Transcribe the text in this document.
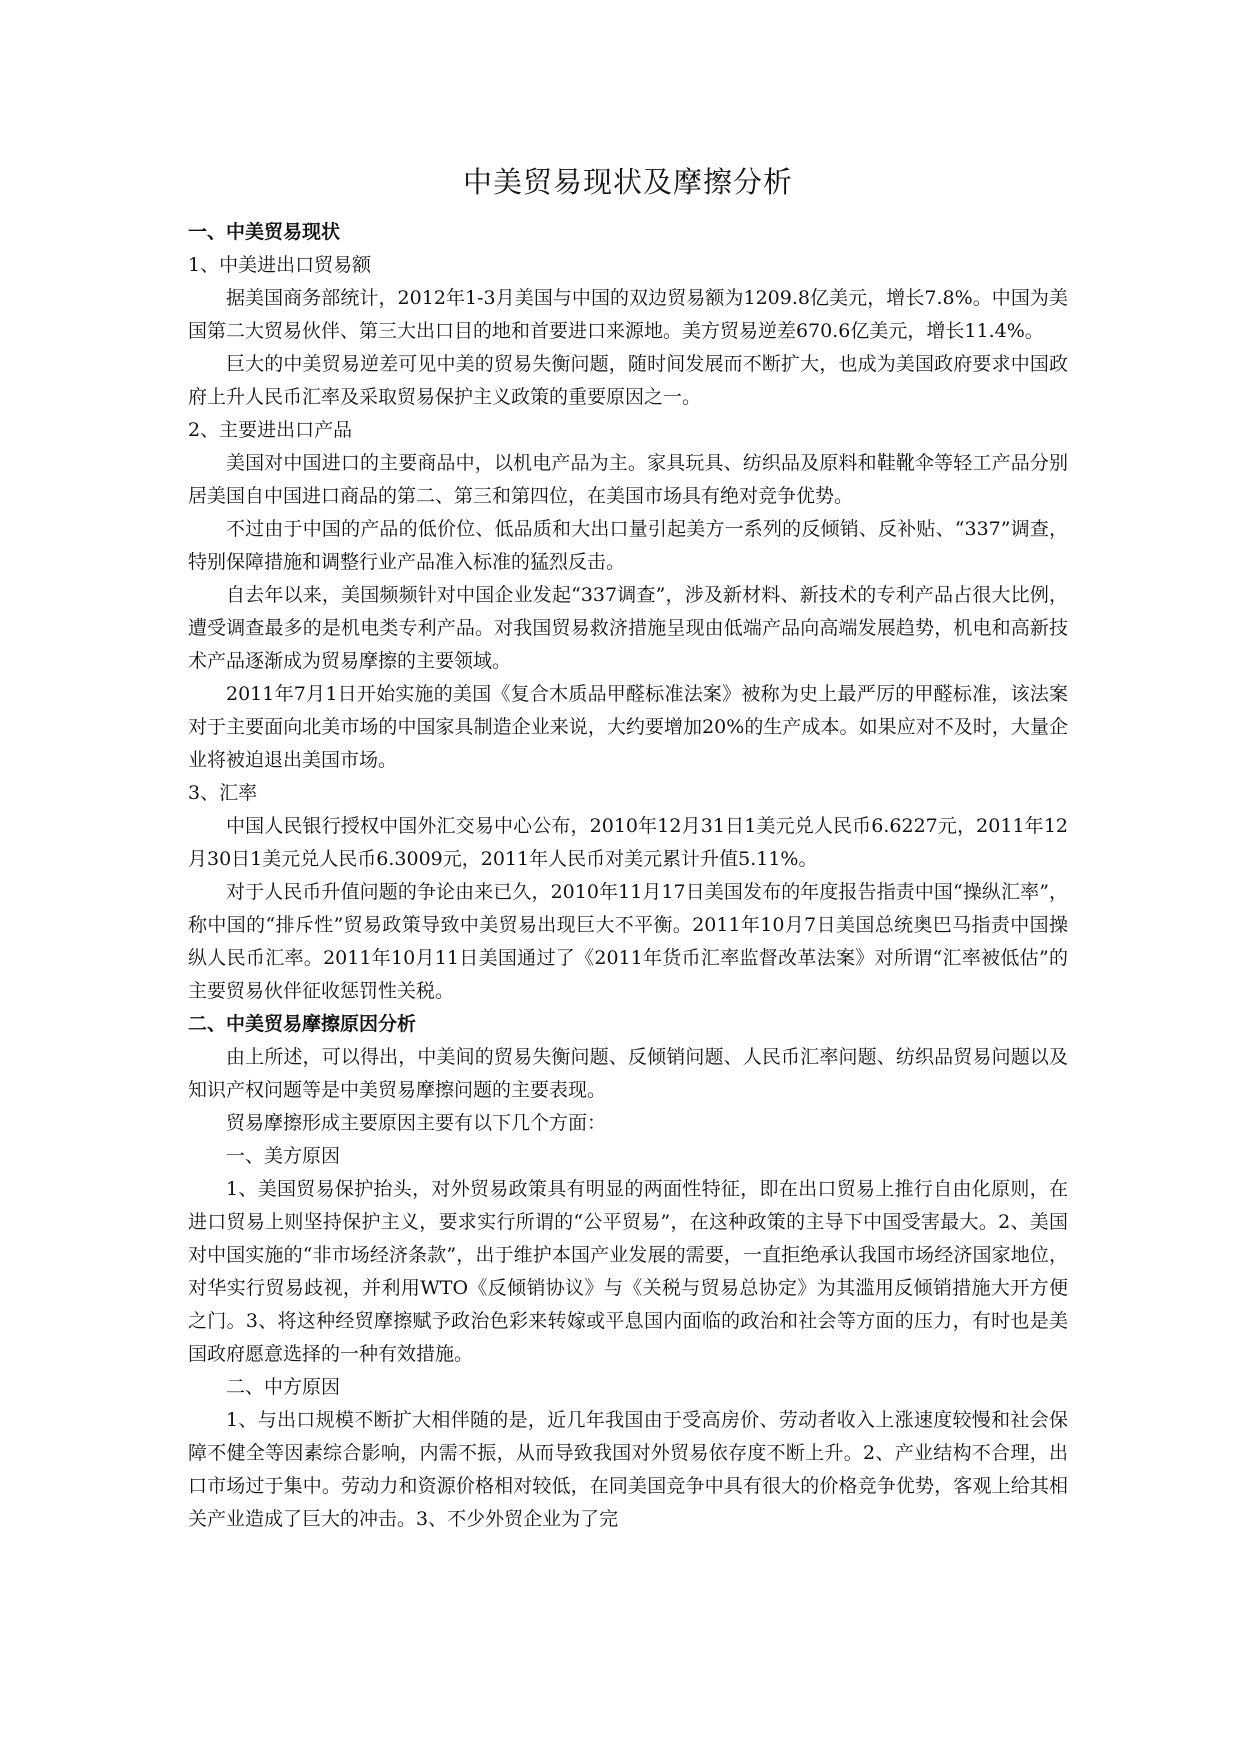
中美贸易现状及摩擦分析
一、中美贸易现状
1、中美进出口贸易额
据美国商务部统计，2012年1-3月美国与中国的双边贸易额为1209.8亿美元，增长7.8%。中国为美国第二大贸易伙伴、第三大出口目的地和首要进口来源地。美方贸易逆差670.6亿美元，增长11.4%。
巨大的中美贸易逆差可见中美的贸易失衡问题，随时间发展而不断扩大，也成为美国政府要求中国政府上升人民币汇率及采取贸易保护主义政策的重要原因之一。
2、主要进出口产品
美国对中国进口的主要商品中，以机电产品为主。家具玩具、纺织品及原料和鞋靴伞等轻工产品分别居美国自中国进口商品的第二、第三和第四位，在美国市场具有绝对竞争优势。
不过由于中国的产品的低价位、低品质和大出口量引起美方一系列的反倾销、反补贴、“337”调查，特别保障措施和调整行业产品准入标准的猛烈反击。
自去年以来，美国频频针对中国企业发起“337调查”，涉及新材料、新技术的专利产品占很大比例，遭受调查最多的是机电类专利产品。对我国贸易救济措施呈现由低端产品向高端发展趋势，机电和高新技术产品逐渐成为贸易摩擦的主要领域。
2011年7月1日开始实施的美国《复合木质品甲醛标准法案》被称为史上最严厉的甲醛标准，该法案对于主要面向北美市场的中国家具制造企业来说，大约要增加20%的生产成本。如果应对不及时，大量企业将被迫退出美国市场。
3、汇率
中国人民银行授权中国外汇交易中心公布，2010年12月31日1美元兑人民币6.6227元，2011年12月30日1美元兑人民币6.3009元，2011年人民币对美元累计升值5.11%。
对于人民币升值问题的争论由来已久，2010年11月17日美国发布的年度报告指责中国“操纵汇率”，称中国的“排斥性”贸易政策导致中美贸易出现巨大不平衡。2011年10月7日美国总统奥巴马指责中国操纵人民币汇率。2011年10月11日美国通过了《2011年货币汇率监督改革法案》对所谓“汇率被低估”的主要贸易伙伴征收惩罚性关税。
二、中美贸易摩擦原因分析
由上所述，可以得出，中美间的贸易失衡问题、反倾销问题、人民币汇率问题、纺织品贸易问题以及知识产权问题等是中美贸易摩擦问题的主要表现。
贸易摩擦形成主要原因主要有以下几个方面：
一、美方原因
1、美国贸易保护抬头，对外贸易政策具有明显的两面性特征，即在出口贸易上推行自由化原则，在进口贸易上则坚持保护主义，要求实行所谓的“公平贸易”，在这种政策的主导下中国受害最大。2、美国对中国实施的“非市场经济条款”，出于维护本国产业发展的需要，一直拒绝承认我国市场经济国家地位，对华实行贸易歧视，并利用WTO《反倾销协议》与《关税与贸易总协定》为其滥用反倾销措施大开方便之门。3、将这种经贸摩擦赋予政治色彩来转嫁或平息国内面临的政治和社会等方面的压力，有时也是美国政府愿意选择的一种有效措施。
二、中方原因
1、与出口规模不断扩大相伴随的是，近几年我国由于受高房价、劳动者收入上涨速度较慢和社会保障不健全等因素综合影响，内需不振，从而导致我国对外贸易依存度不断上升。2、产业结构不合理，出口市场过于集中。劳动力和资源价格相对较低，在同美国竞争中具有很大的价格竞争优势，客观上给其相关产业造成了巨大的冲击。3、不少外贸企业为了完
